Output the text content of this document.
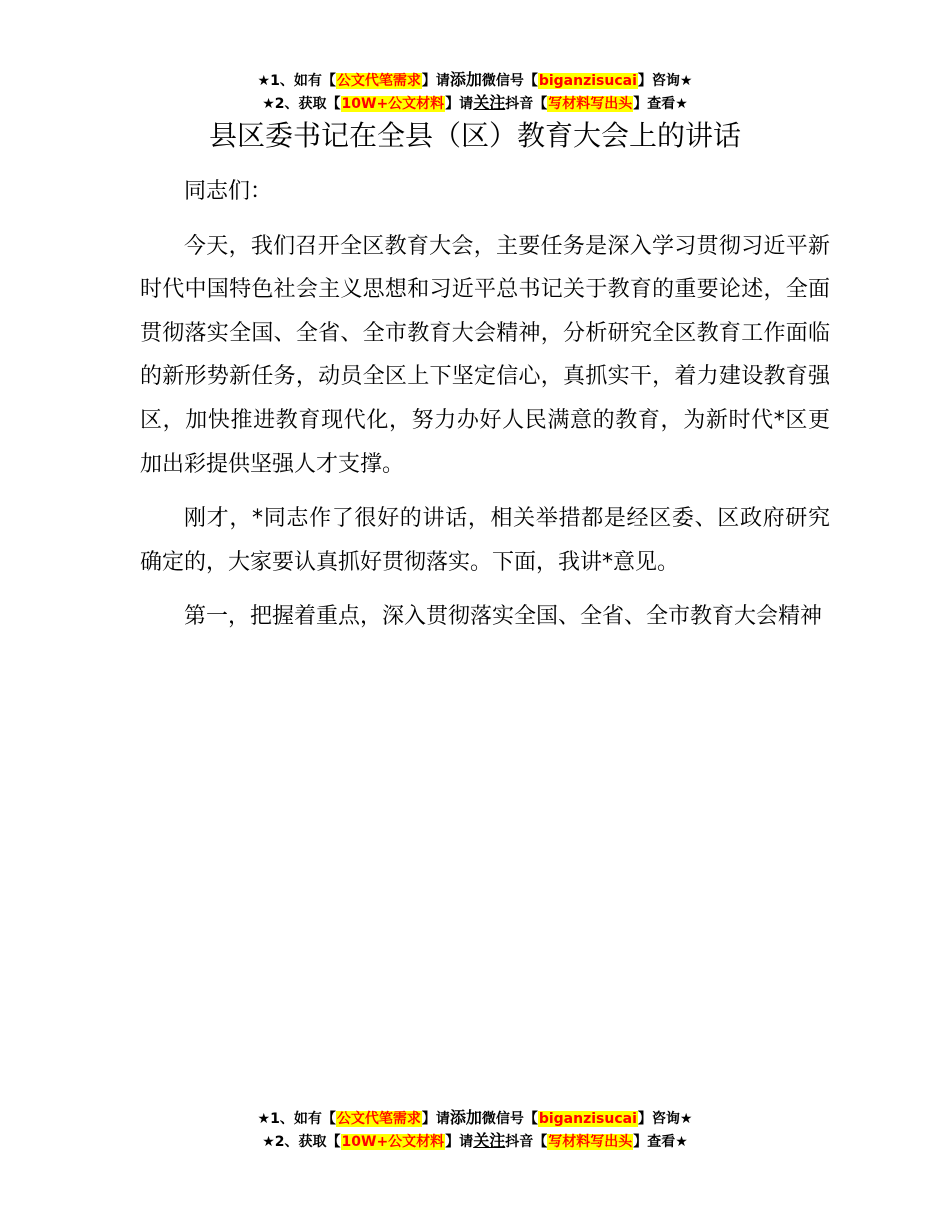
★1、如有【公文代笔需求】请添加微信号【biganzisucai】咨询★
★2、获取【10W+公文材料】请关注抖音【写材料写出头】查看★
县区委书记在全县（区）教育大会上的讲话

同志们：

今天，我们召开全区教育大会，主要任务是深入学习贯彻习近平新时代中国特色社会主义思想和习近平总书记关于教育的重要论述，全面贯彻落实全国、全省、全市教育大会精神，分析研究全区教育工作面临的新形势新任务，动员全区上下坚定信心，真抓实干，着力建设教育强区，加快推进教育现代化，努力办好人民满意的教育，为新时代*区更加出彩提供坚强人才支撑。

刚才，*同志作了很好的讲话，相关举措都是经区委、区政府研究确定的，大家要认真抓好贯彻落实。下面，我讲*意见。

第一，把握着重点，深入贯彻落实全国、全省、全市教育大会精神

★1、如有【公文代笔需求】请添加微信号【biganzisucai】咨询★
★2、获取【10W+公文材料】请关注抖音【写材料写出头】查看★
